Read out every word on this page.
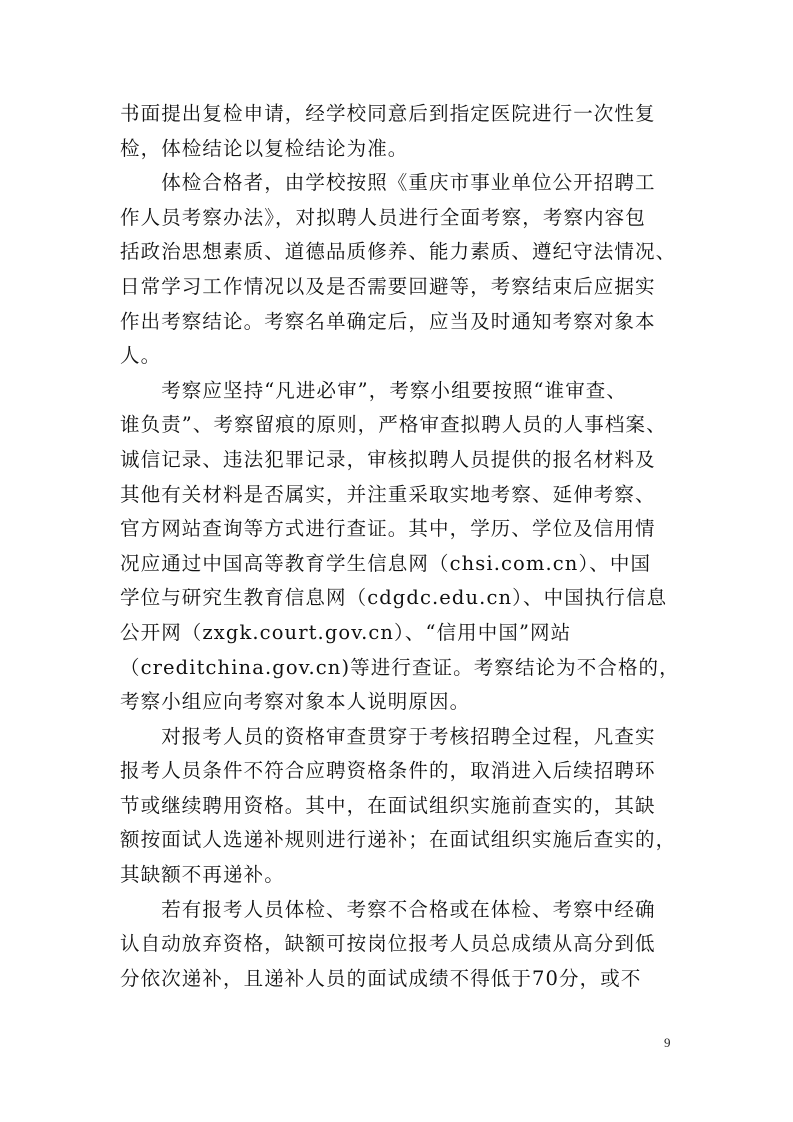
书面提出复检申请，经学校同意后到指定医院进行一次性复
检，体检结论以复检结论为准。
　　体检合格者，由学校按照《重庆市事业单位公开招聘工
作人员考察办法》，对拟聘人员进行全面考察，考察内容包
括政治思想素质、道德品质修养、能力素质、遵纪守法情况、
日常学习工作情况以及是否需要回避等，考察结束后应据实
作出考察结论。考察名单确定后，应当及时通知考察对象本
人。
　　考察应坚持“凡进必审”，考察小组要按照“谁审查、
谁负责”、考察留痕的原则，严格审查拟聘人员的人事档案、
诚信记录、违法犯罪记录，审核拟聘人员提供的报名材料及
其他有关材料是否属实，并注重采取实地考察、延伸考察、
官方网站查询等方式进行查证。其中，学历、学位及信用情
况应通过中国高等教育学生信息网（chsi.com.cn）、中国
学位与研究生教育信息网（cdgdc.edu.cn）、中国执行信息
公开网（zxgk.court.gov.cn）、“信用中国”网站
（creditchina.gov.cn)等进行查证。考察结论为不合格的，
考察小组应向考察对象本人说明原因。
　　对报考人员的资格审查贯穿于考核招聘全过程，凡查实
报考人员条件不符合应聘资格条件的，取消进入后续招聘环
节或继续聘用资格。其中，在面试组织实施前查实的，其缺
额按面试人选递补规则进行递补；在面试组织实施后查实的，
其缺额不再递补。
　　若有报考人员体检、考察不合格或在体检、考察中经确
认自动放弃资格，缺额可按岗位报考人员总成绩从高分到低
分依次递补，且递补人员的面试成绩不得低于70分，或不
9
